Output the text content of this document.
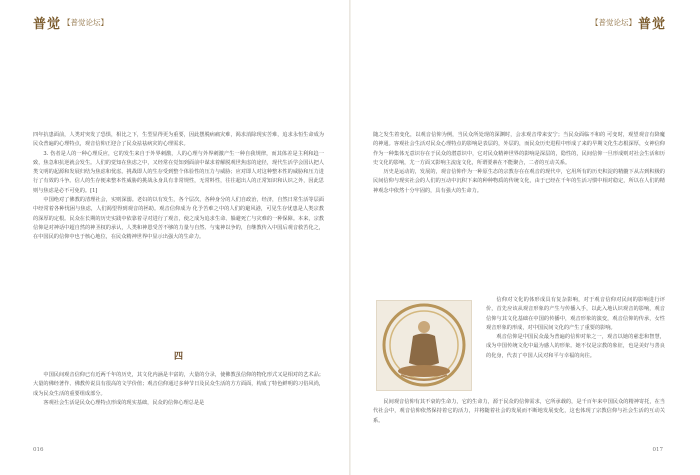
普觉 【普觉论坛】	【普觉论坛】 普觉

四年抗患面前，人类对突发了恐惧，相比之下，生型显得更为重要，因此摆脱病痛灾难，渴求消除现实苦难，追求永恒生命成为民众普遍的心理特点，观音信仰正迎合了民众祛祛病灾的心理需求。

3. 伤者是人的一种心理反应，它的发生来自于外界刺激，人的心理与外界刺激产生一种自我规律，而其体差是主利和趋一致，焦急和抗逆就会发生。人们的觉知在焦虑之中，又经常在觉知到面前中谋求着解脱观世焦虑的途径，现代生活学会国认把人类文明的起源和发展归结为焦虑和忧虑。挑战即人的生存受到整个体验性的压力与威胁；应对即人对这种整本性的威胁和压力进行了有效的斗争。信人的生存便来整本性威胁的挑战永身具有非常规性，无常料性，往往超出人的正常知识和认识之外，因此思则与焦虑是必不可免的。[1]

中国绝对了佛教的清理社会，实则深溺。老妇的以有发生，各个层次，各种身分的人们自政治，经济，自然日常生活等层面中经常着各种忧困与焦虑，人们渴望得到观音的拯助。观音信仰成为 化予苦难之中的人们的避风港，可见生存忧患是人类宗教的深厚的定根。民众在长期的历史实践中依靠着寻对进行了观音，使之成为追求生命、躲避死亡与灾难的一种保障。本来，宗教信仰是对神话中超自然的神圣权的承认，人类和神恩受苦不够的力量与自然、与鬼神以争的，自继教传入中国后观音救苦化之，在中国民的信仰中也于核心地位，在民众精神世界中显示出强大的生命力。

四

中国民间观音信仰已有近两千年的历史，其文化内涵是丰富的，大量的分录，使佛教虽信仰的物化形式又是相对的艺术品；大量的佛经著作、佛教传说具有很高的文学价值；观音信仰通过多种节日及民众生活的方方面面，构成了特色鲜明的习俗风尚，成为民众生活的重要组成部分。

客观社会生活是民众心理特点形成的现实基础，民众的信仰心理总是是

016

随之发生着变化，以观音信仰为例，当民众所处现的深渊时，会求观音带来安宁；当民众面临不和的 可变时，观望观音有降魔的神通。客观社会生活对民众心理特点的影响是表层的，外层的，而民众历史进程中形成了来的早期文化生态根深厚，女神信仰作为一种集体无意识存在于民众的潜意识中，它对民众精神世界的影响是深层的，隐性的，民间信仰一旦形成则对社会生活和历史文化的影响，尤一方面又影响主流庞文化，所谓要素在不能聚合，二者的互动关系。

历史是运动的，发展的，观音信仰作为一种原生态的宗教存在在观音的现代中，它用所有的历史积淀的精髓下从古到积极的民间信仰与现实社会的人们的互动中沉积下来的种种物质的传统文化，由于已经在千年的生活习惯中相对稳定，所以在人们的精神观念中依然十分牢固的，具有强大的生命力。

信仰对文化的体形成具有复杂影响，对于观音信仰对民间的影响进行评价，首先应该从观音形象的产生与传播入手，以此入地认识观音的影响，观音信仰与其文化基础在中国的传播中，观音形象的演变，观音信仰的传承，女性观音形象的形成，对中国民间文化的产生了重要的影响。

观音信仰是中国民众最为普遍的信仰对象之一，观音以她的慈悲和智慧，成为中国传统文化中最为感人的形象。她不仅是宗教的象征，也是美好与善良的化身，代表了中国人民对和平与幸福的向往。

民间观音信仰有其不衰的生命力，它的生命力，源于民众的信仰需求，它所承载的，是千百年来中国民众的精神寄托，在当代社会中，观音信仰依然保持着它的活力，并将随着社会的发展而不断地发展变化，这也体现了宗教信仰与社会生活的互动关系。

017
